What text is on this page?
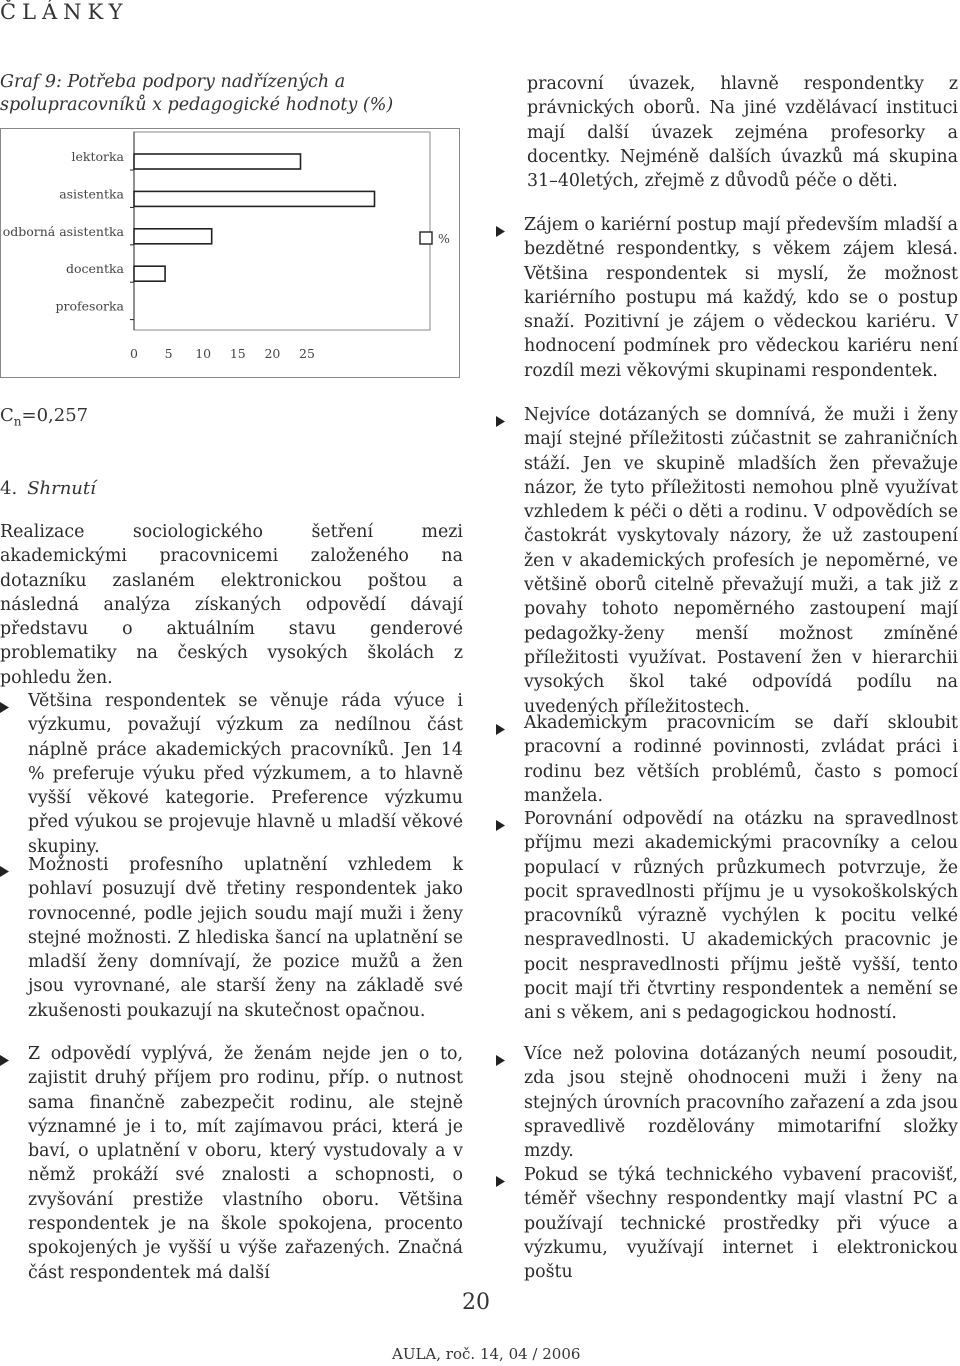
ČLÁNKY
Graf 9: Potřeba podpory nadřízených a spolupracovníků x pedagogické hodnoty (%)
lektorka
asistentka
odborná asistentka
docentka
profesorka
0 5 10 15 20 25
%
$C_n=0,257$
4. Shrnutí
Realizace sociologického šetření mezi akademickými pracovnicemi založeného na dotazníku zaslaném elektronickou poštou a následná analýza získaných odpovědí dávají představu o aktuálním stavu genderové problematiky na českých vysokých školách z pohledu žen.
Většina respondentek se věnuje ráda výuce i výzkumu, považují výzkum za nedílnou část náplně práce akademických pracovníků. Jen 14 % preferuje výuku před výzkumem, a to hlavně vyšší věkové kategorie. Preference výzkumu před výukou se projevuje hlavně u mladší věkové skupiny.
Možnosti profesního uplatnění vzhledem k pohlaví posuzují dvě třetiny respondentek jako rovnocenné, podle jejich soudu mají muži i ženy stejné možnosti. Z hlediska šancí na uplatnění se mladší ženy domnívají, že pozice mužů a žen jsou vyrovnané, ale starší ženy na základě své zkušenosti poukazují na skutečnost opačnou.
Z odpovědí vyplývá, že ženám nejde jen o to, zajistit druhý příjem pro rodinu, příp. o nutnost sama finančně zabezpečit rodinu, ale stejně významné je i to, mít zajímavou práci, která je baví, o uplatnění v oboru, který vystudovaly a v němž prokáží své znalosti a schopnosti, o zvyšování prestiže vlastního oboru. Většina respondentek je na škole spokojena, procento spokojených je vyšší u výše zařazených. Značná část respondentek má další
pracovní úvazek, hlavně respondentky z právnických oborů. Na jiné vzdělávací instituci mají další úvazek zejména profesorky a docentky. Nejméně dalších úvazků má skupina 31–40letých, zřejmě z důvodů péče o děti.
Zájem o kariérní postup mají především mladší a bezdětné respondentky, s věkem zájem klesá. Většina respondentek si myslí, že možnost kariérního postupu má každý, kdo se o postup snaží. Pozitivní je zájem o vědeckou kariéru. V hodnocení podmínek pro vědeckou kariéru není rozdíl mezi věkovými skupinami respondentek.
Nejvíce dotázaných se domnívá, že muži i ženy mají stejné příležitosti zúčastnit se zahraničních stáží. Jen ve skupině mladších žen převažuje názor, že tyto příležitosti nemohou plně využívat vzhledem k péči o děti a rodinu. V odpovědích se častokrát vyskytovaly názory, že už zastoupení žen v akademických profesích je nepoměrné, ve většině oborů citelně převažují muži, a tak již z povahy tohoto nepoměrného zastoupení mají pedagožky-ženy menší možnost zmíněné příležitosti využívat. Postavení žen v hierarchii vysokých škol také odpovídá podílu na uvedených příležitostech.
Akademickým pracovnicím se daří skloubit pracovní a rodinné povinnosti, zvládat práci i rodinu bez větších problémů, často s pomocí manžela.
Porovnání odpovědí na otázku na spravedlnost příjmu mezi akademickými pracovníky a celou populací v různých průzkumech potvrzuje, že pocit spravedlnosti příjmu je u vysokoškolských pracovníků výrazně vychýlen k pocitu velké nespravedlnosti. U akademických pracovnic je pocit nespravedlnosti příjmu ještě vyšší, tento pocit mají tři čtvrtiny respondentek a nemění se ani s věkem, ani s pedagogickou hodností.
Více než polovina dotázaných neumí posoudit, zda jsou stejně ohodnoceni muži i ženy na stejných úrovních pracovního zařazení a zda jsou spravedlivě rozdělovány mimotarifní složky mzdy.
Pokud se týká technického vybavení pracovišť, téměř všechny respondentky mají vlastní PC a používají technické prostředky při výuce a výzkumu, využívají internet i elektronickou poštu
20
AULA, roč. 14, 04 / 2006
